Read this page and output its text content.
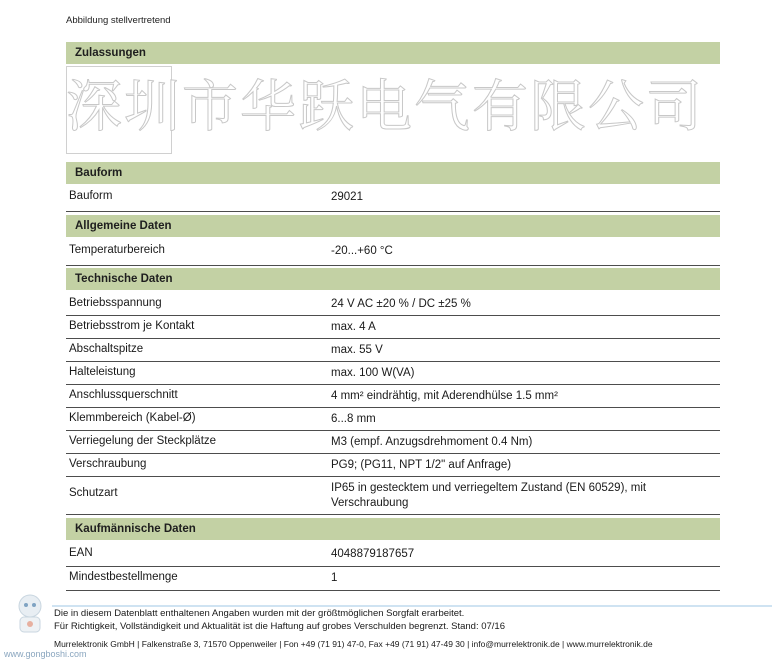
Abbildung stellvertretend
Zulassungen
深圳市华跃电气有限公司
Bauform
Bauform	29021
Allgemeine Daten
Temperaturbereich	-20...+60 °C
Technische Daten
Betriebsspannung	24 V AC ±20 % / DC ±25 %
Betriebsstrom je Kontakt	max. 4 A
Abschaltspitze	max. 55 V
Halteleistung	max. 100 W(VA)
Anschlussquerschnitt	4 mm² eindrähtig, mit Aderendhülse 1.5 mm²
Klemmbereich (Kabel-Ø)	6...8 mm
Verriegelung der Steckplätze	M3 (empf. Anzugsdrehmoment 0.4 Nm)
Verschraubung	PG9; (PG11, NPT 1/2" auf Anfrage)
Schutzart	IP65 in gestecktem und verriegeltem Zustand (EN 60529), mit Verschraubung
Kaufmännische Daten
EAN	4048879187657
Mindestbestellmenge	1
Die in diesem Datenblatt enthaltenen Angaben wurden mit der größtmöglichen Sorgfalt erarbeitet.
Für Richtigkeit, Vollständigkeit und Aktualität ist die Haftung auf grobes Verschulden begrenzt. Stand: 07/16
Murrelektronik GmbH | Falkenstraße 3, 71570 Oppenweiler | Fon +49 (71 91) 47-0, Fax +49 (71 91) 47-49 30 | info@murrelektronik.de | www.murrelektronik.de
www.gongboshi.com
